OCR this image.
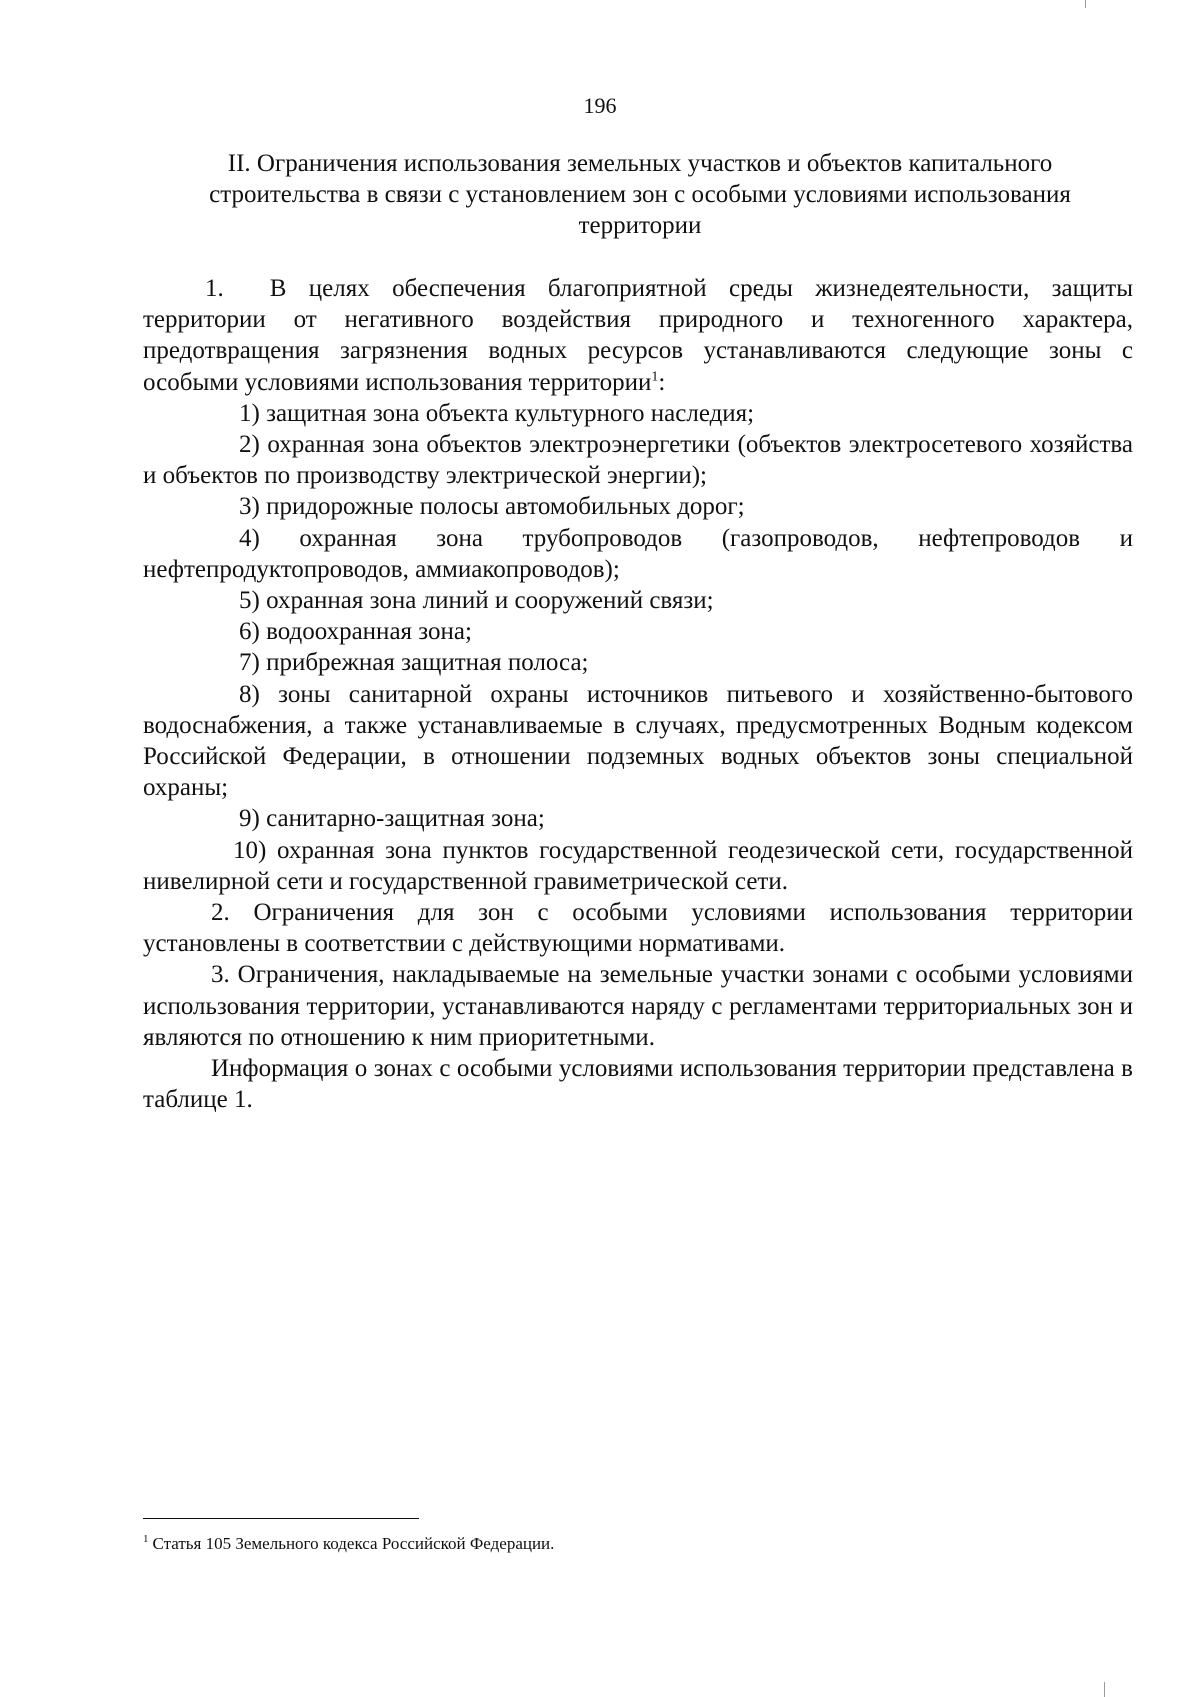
196
II. Ограничения использования земельных участков и объектов капитального
строительства в связи с установлением зон с особыми условиями использования
территории

1. В целях обеспечения благоприятной среды жизнедеятельности, защиты территории от негативного воздействия природного и техногенного характера, предотвращения загрязнения водных ресурсов устанавливаются следующие зоны с особыми условиями использования территории$^1$:

1) защитная зона объекта культурного наследия;

2) охранная зона объектов электроэнергетики (объектов электросетевого хозяйства и объектов по производству электрической энергии);

3) придорожные полосы автомобильных дорог;

4) охранная зона трубопроводов (газопроводов, нефтепроводов и нефтепродуктопроводов, аммиакопроводов);

5) охранная зона линий и сооружений связи;

6) водоохранная зона;

7) прибрежная защитная полоса;

8) зоны санитарной охраны источников питьевого и хозяйственно-бытового водоснабжения, а также устанавливаемые в случаях, предусмотренных Водным кодексом Российской Федерации, в отношении подземных водных объектов зоны специальной охраны;

9) санитарно-защитная зона;

10) охранная зона пунктов государственной геодезической сети, государственной нивелирной сети и государственной гравиметрической сети.

2. Ограничения для зон с особыми условиями использования территории установлены в соответствии с действующими нормативами.

3. Ограничения, накладываемые на земельные участки зонами с особыми условиями использования территории, устанавливаются наряду с регламентами территориальных зон и являются по отношению к ним приоритетными.

Информация о зонах с особыми условиями использования территории представлена в таблице 1.

$^1$ Статья 105 Земельного кодекса Российской Федерации.
